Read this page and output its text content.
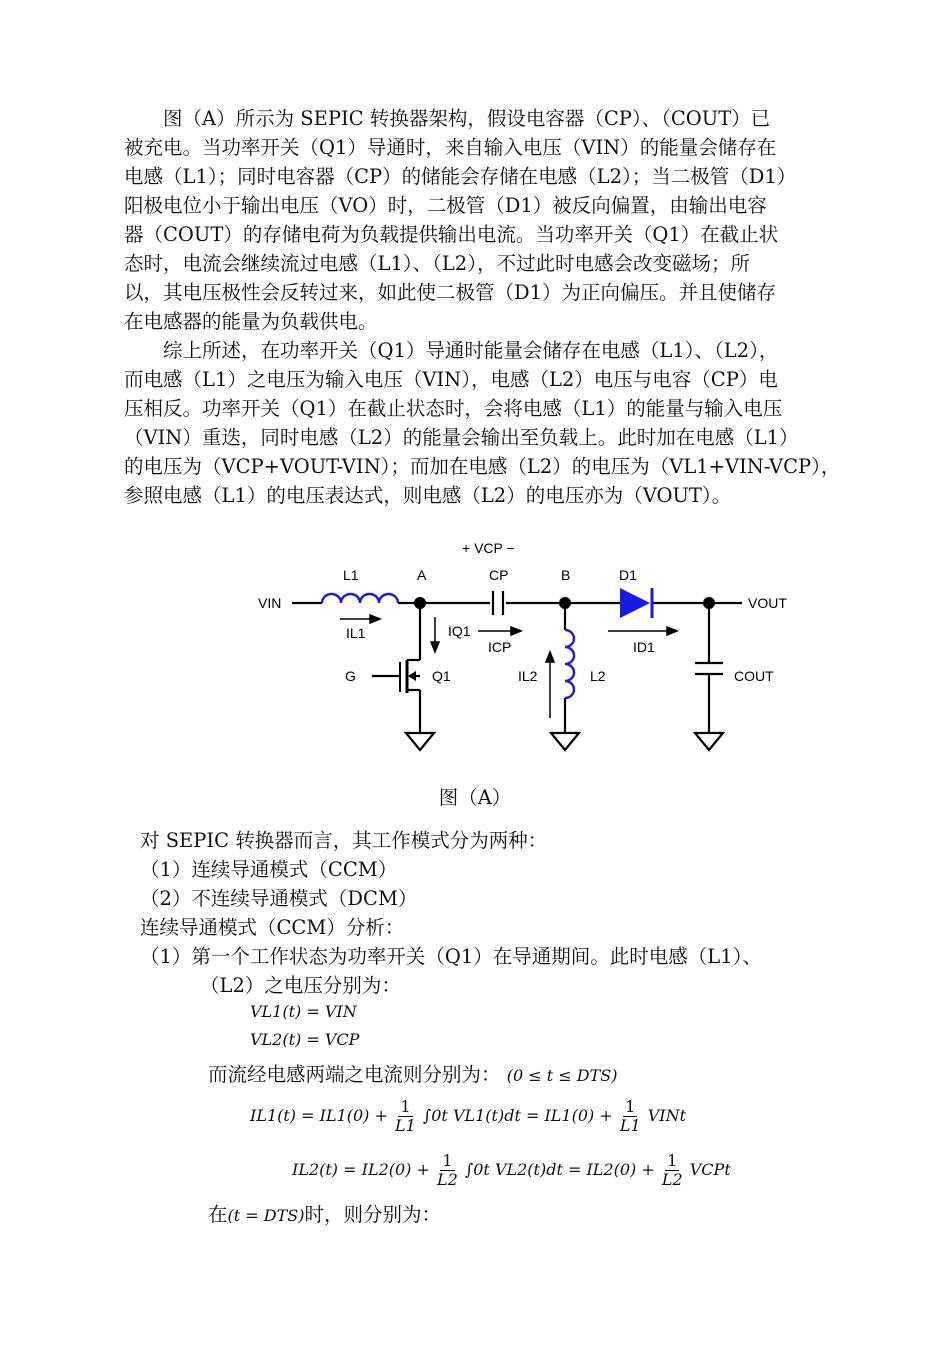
图（A）所示为 SEPIC 转换器架构，假设电容器（CP）、（COUT）已
被充电。当功率开关（Q1）导通时，来自输入电压（VIN）的能量会储存在
电感（L1）；同时电容器（CP）的储能会存储在电感（L2）；当二极管（D1）
阳极电位小于输出电压（VO）时，二极管（D1）被反向偏置，由输出电容
器（COUT）的存储电荷为负载提供输出电流。当功率开关（Q1）在截止状
态时，电流会继续流过电感（L1）、（L2），不过此时电感会改变磁场；所
以，其电压极性会反转过来，如此使二极管（D1）为正向偏压。并且使储存
在电感器的能量为负载供电。
综上所述，在功率开关（Q1）导通时能量会储存在电感（L1）、（L2），
而电感（L1）之电压为输入电压（VIN），电感（L2）电压与电容（CP）电
压相反。功率开关（Q1）在截止状态时，会将电感（L1）的能量与输入电压
（VIN）重迭，同时电感（L2）的能量会输出至负载上。此时加在电感（L1）
的电压为（VCP+VOUT-VIN）；而加在电感（L2）的电压为（VL1+VIN-VCP），
参照电感（L1）的电压表达式，则电感（L2）的电压亦为（VOUT）。
+ VCP −
L1	A	CP	B	D1
VIN	VOUT
IL1	IQ1
ICP	ID1
G	Q1	IL2	L2	COUT
图（A）
对 SEPIC 转换器而言，其工作模式分为两种：
（1）连续导通模式（CCM）
（2）不连续导通模式（DCM）
连续导通模式（CCM）分析：
（1）第一个工作状态为功率开关（Q1）在导通期间。此时电感（L1）、
（L2）之电压分别为：
VL1(t) = VIN
VL2(t) = VCP
而流经电感两端之电流则分别为： (0 ≤ t ≤ DTS)
$IL1(t) = IL1(0) + \frac{1}{L1} \int 0t$ $VL1(t)dt = IL1(0) + \frac{1}{L1}$ VINt
$IL2(t) = IL2(0) + \frac{1}{L2} \int 0t$ $VL2(t)dt = IL2(0) + \frac{1}{L2}$ VCPt
在(t = DTS)时，则分别为：
